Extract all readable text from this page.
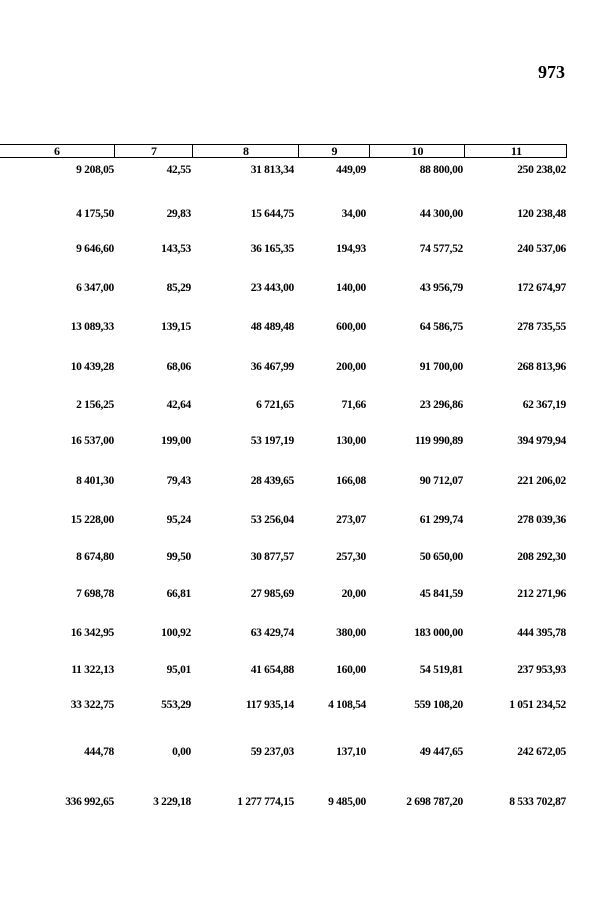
973
6	7	8	9	10	11
9 208,05	42,55	31 813,34	449,09	88 800,00	250 238,02
4 175,50	29,83	15 644,75	34,00	44 300,00	120 238,48
9 646,60	143,53	36 165,35	194,93	74 577,52	240 537,06
6 347,00	85,29	23 443,00	140,00	43 956,79	172 674,97
13 089,33	139,15	48 489,48	600,00	64 586,75	278 735,55
10 439,28	68,06	36 467,99	200,00	91 700,00	268 813,96
2 156,25	42,64	6 721,65	71,66	23 296,86	62 367,19
16 537,00	199,00	53 197,19	130,00	119 990,89	394 979,94
8 401,30	79,43	28 439,65	166,08	90 712,07	221 206,02
15 228,00	95,24	53 256,04	273,07	61 299,74	278 039,36
8 674,80	99,50	30 877,57	257,30	50 650,00	208 292,30
7 698,78	66,81	27 985,69	20,00	45 841,59	212 271,96
16 342,95	100,92	63 429,74	380,00	183 000,00	444 395,78
11 322,13	95,01	41 654,88	160,00	54 519,81	237 953,93
33 322,75	553,29	117 935,14	4 108,54	559 108,20	1 051 234,52
444,78	0,00	59 237,03	137,10	49 447,65	242 672,05
336 992,65	3 229,18	1 277 774,15	9 485,00	2 698 787,20	8 533 702,87
